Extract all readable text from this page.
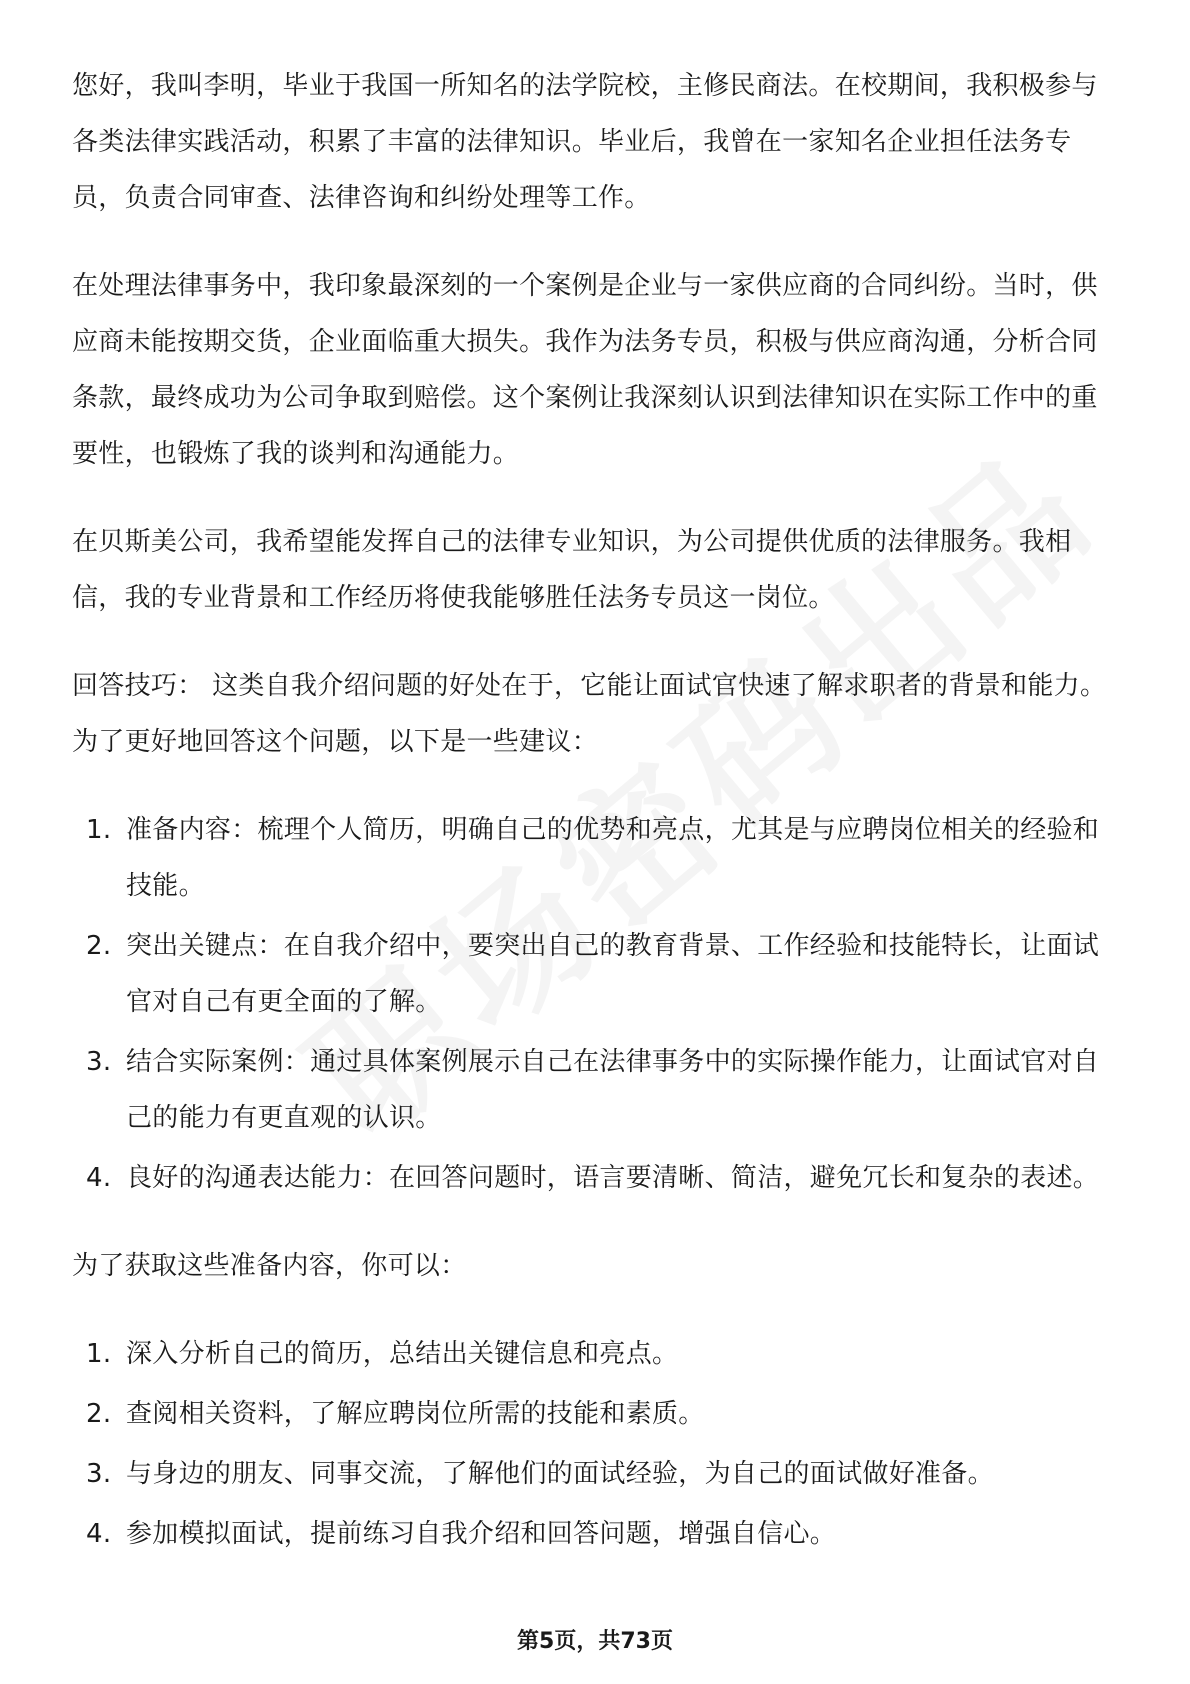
您好，我叫李明，毕业于我国一所知名的法学院校，主修民商法。在校期间，我积极参与各类法律实践活动，积累了丰富的法律知识。毕业后，我曾在一家知名企业担任法务专员，负责合同审查、法律咨询和纠纷处理等工作。

在处理法律事务中，我印象最深刻的一个案例是企业与一家供应商的合同纠纷。当时，供应商未能按期交货，企业面临重大损失。我作为法务专员，积极与供应商沟通，分析合同条款，最终成功为公司争取到赔偿。这个案例让我深刻认识到法律知识在实际工作中的重要性，也锻炼了我的谈判和沟通能力。

在贝斯美公司，我希望能发挥自己的法律专业知识，为公司提供优质的法律服务。我相信，我的专业背景和工作经历将使我能够胜任法务专员这一岗位。

回答技巧： 这类自我介绍问题的好处在于，它能让面试官快速了解求职者的背景和能力。为了更好地回答这个问题，以下是一些建议：

1. 准备内容：梳理个人简历，明确自己的优势和亮点，尤其是与应聘岗位相关的经验和技能。
2. 突出关键点：在自我介绍中，要突出自己的教育背景、工作经验和技能特长，让面试官对自己有更全面的了解。
3. 结合实际案例：通过具体案例展示自己在法律事务中的实际操作能力，让面试官对自己的能力有更直观的认识。
4. 良好的沟通表达能力：在回答问题时，语言要清晰、简洁，避免冗长和复杂的表述。

为了获取这些准备内容，你可以：

1. 深入分析自己的简历，总结出关键信息和亮点。
2. 查阅相关资料，了解应聘岗位所需的技能和素质。
3. 与身边的朋友、同事交流，了解他们的面试经验，为自己的面试做好准备。
4. 参加模拟面试，提前练习自我介绍和回答问题，增强自信心。
第5页，共73页
